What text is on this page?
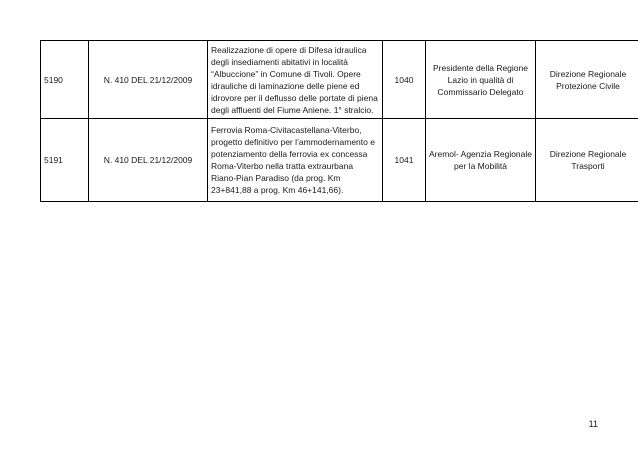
5190	N. 410 DEL 21/12/2009	Realizzazione di opere di Difesa idraulica degli insediamenti abitativi in località “Albuccione” in Comune di Tivoli. Opere idrauliche di laminazione delle piene ed idrovore per il deflusso delle portate di piena degli affluenti del Fiume Aniene. 1° stralcio.	1040	Presidente della Regione Lazio in qualità di Commissario Delegato	Direzione Regionale Protezione Civile
5191	N. 410 DEL 21/12/2009	Ferrovia Roma-Civitacastellana-Viterbo, progetto definitivo per l’ammodernamento e potenziamento della ferrovia ex concessa Roma-Viterbo nella tratta extraurbana Riano-Pian Paradiso (da prog. Km 23+841,88 a prog. Km 46+141,66).	1041	Aremol- Agenzia Regionale per la Mobilità	Direzione Regionale Trasporti
11
